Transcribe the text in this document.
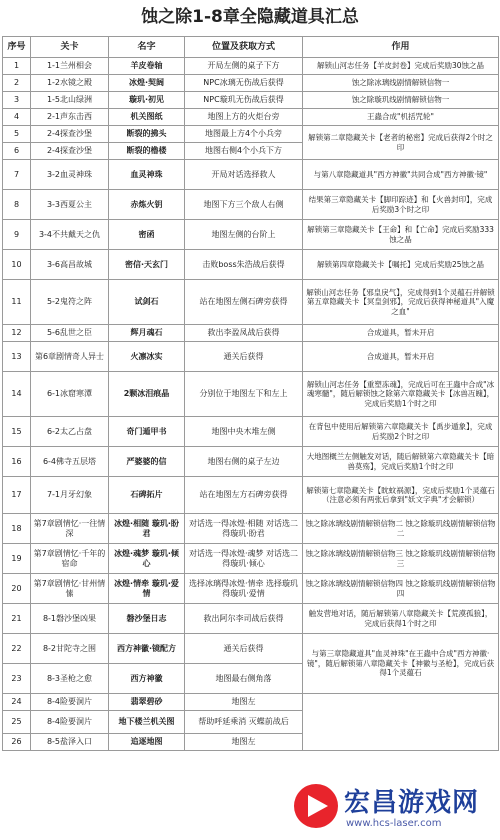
蚀之除1-8章全隐藏道具汇总
序号	关卡	名字	位置及获取方式	作用
1	1-1兰州相会	羊皮卷轴	开局左侧的桌子下方	解锁山河志任务【羊皮封卷】完成后奖励30蚀之晶
2	1-2水镜之殿	冰煌·契阔	NPC冰璃无伤战后获得	蚀之除冰璃线剧情解锁信物一
3	1-5北山绿洲	璇玑·初见	NPC璇玑无伤战后获得	蚀之除璇玑线剧情解锁信物一
4	2-1声东击西	机关图纸	地图上方的火炬台旁	王蟲合成"机括咒轮"
5	2-4探查沙堡	断裂的拂头	地图最上方4个小兵旁	解锁第二章隐藏关卡【老者的秘密】完成后获得2个时之印
6	2-4探查沙堡	断裂的橹楼	地图右侧4个小兵下方	
7	3-2血灵神珠	血灵神珠	开局对话选择救人	与第八章隐藏道具"西方神徽"共同合成"西方神徽·镜"
8	3-3西夏公主	赤炼火钥	地图下方三个敌人右侧	结果第三章隐藏关卡【脚印踪迹】和【火兽封印】，完成后奖励3个时之印
9	3-4不共戴天之仇	密函	地图左侧的台阶上	解锁第三章隐藏关卡【王命】和【亡命】完成后奖励333蚀之晶
10	3-6高昌故城	密信·天玄门	击败boss朱浩战后获得	解锁第四章隐藏关卡【嘱托】完成后奖励25蚀之晶
11	5-2鬼符之阵	试剑石	站在地图左侧石碑旁获得	解锁山河志任务【邪皇戾气】，完成得到1个灵蕴石并解锁第五章隐藏关卡【冥皇剑邪】，完成后获得神秘道具"入魔之血"
12	5-6乱世之臣	辉月魂石	救出李盈凤战后获得	合成道具，暂未开启
13	第6章剧情奇人异士	火凛冰实	通关后获得	合成道具，暂未开启
14	6-1冰窟寒潭	2颗冰泪痕晶	分别位于地图左下和左上	解锁山河志任务【重塑冻魂】，完成后可在王蟲中合成"冰魂寒髓"，随后解锁蚀之除第六章隐藏关卡【冰兽冱魄】，完成后奖励1个时之印
15	6-2太乙占盘	奇门遁甲书	地图中央木堆左侧	在背包中使用后解锁第六章隐藏关卡【禹步遁象】，完成后奖励2个时之印
16	6-4佛寺五层塔	严婆婆的信	地图右侧的桌子左边	大地图概兰左侧触发对话，随后解锁第六章隐藏关卡【暗兽莫殇】，完成后奖励1个时之印
17	7-1月牙幻象	石碑拓片	站在地图左方石碑旁获得	解锁第七章隐藏关卡【眈蚊祸源】，完成后奖励1个灵蕴石（注意必须有两张后拿到"妖文字典"才会解锁）
18	第7章剧情忆·一往情深	冰煌·相随 璇玑·盼君	对话选一得冰煌·相随 对话选二得璇玑·盼君	蚀之除冰璃线剧情解锁信物二 蚀之除璇玑线剧情解锁信物二
19	第7章剧情忆·千年的宿命	冰煌·魂梦 璇玑·倾心	对话选一得冰煌·魂梦 对话选二得璇玑·倾心	蚀之除冰璃线剧情解锁信物三 蚀之除璇玑线剧情解锁信物三
20	第7章剧情忆·甘州情愫	冰煌·情牵 璇玑·爱情	选择冰璃得冰煌·情牵 选择璇玑得璇玑·爱情	蚀之除冰璃线剧情解锁信物四 蚀之除璇玑线剧情解锁信物四
21	8-1磐沙堡凶果	磐沙堡日志	救出阿尔李司战后获得	触发营地对话，随后解锁第八章隐藏关卡【荒漠孤狼】，完成后获得1个时之印
22	8-2甘陀寺之围	西方神徽·镜配方	通关后获得	与第三章隐藏道具"血灵神珠"在王蟲中合成"西方神徽·镜"，随后解锁第八章隐藏关卡【神徽与圣枪】，完成后获得1个灵蕴石
23	8-3圣枪之愈	西方神徽	地图最右侧角落	
24	8-4险要洞片	翡翠碧砂	地图左	
25	8-4险要洞片	地下楼兰机关图	帮助呼延乘消 灭蝶前战后	
26	8-5盐泽入口	追逐地图	地图左	
宏昌游戏网
www.hcs-laser.com
